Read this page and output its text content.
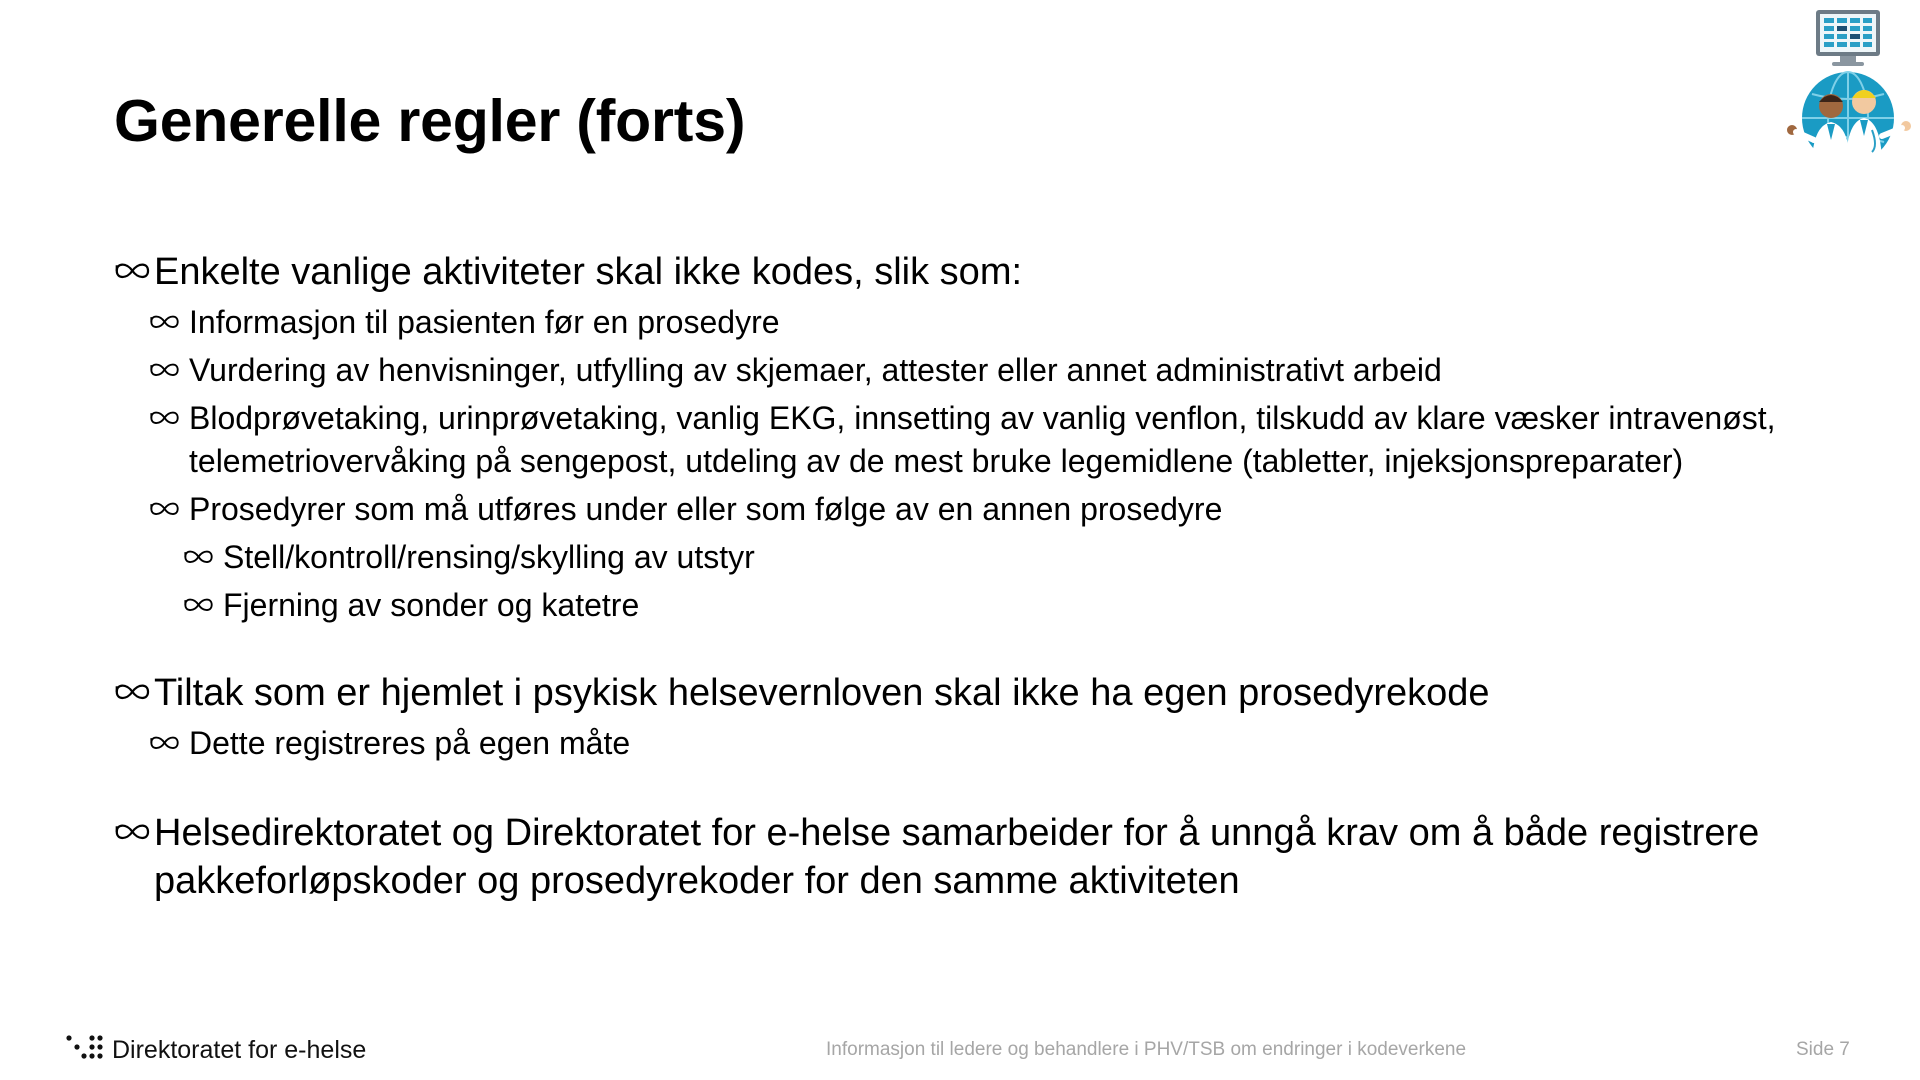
Generelle regler (forts)
Enkelte vanlige aktiviteter skal ikke kodes, slik som:
Informasjon til pasienten før en prosedyre
Vurdering av henvisninger, utfylling av skjemaer, attester eller annet administrativt arbeid
Blodprøvetaking, urinprøvetaking, vanlig EKG, innsetting av vanlig venflon, tilskudd av klare væsker intravenøst, telemetriovervåking på sengepost, utdeling av de mest bruke legemidlene (tabletter, injeksjonspreparater)
Prosedyrer som må utføres under eller som følge av en annen prosedyre
Stell/kontroll/rensing/skylling av utstyr
Fjerning av sonder og katetre
Tiltak som er hjemlet i psykisk helsevernloven skal ikke ha egen prosedyrekode
Dette registreres på egen måte
Helsedirektoratet og Direktoratet for e-helse samarbeider for å unngå krav om å både registrere pakkeforløpskoder og prosedyrekoder for den samme aktiviteten
Direktoratet for e-helse	Informasjon til ledere og behandlere i PHV/TSB om endringer i kodeverkene	Side 7
